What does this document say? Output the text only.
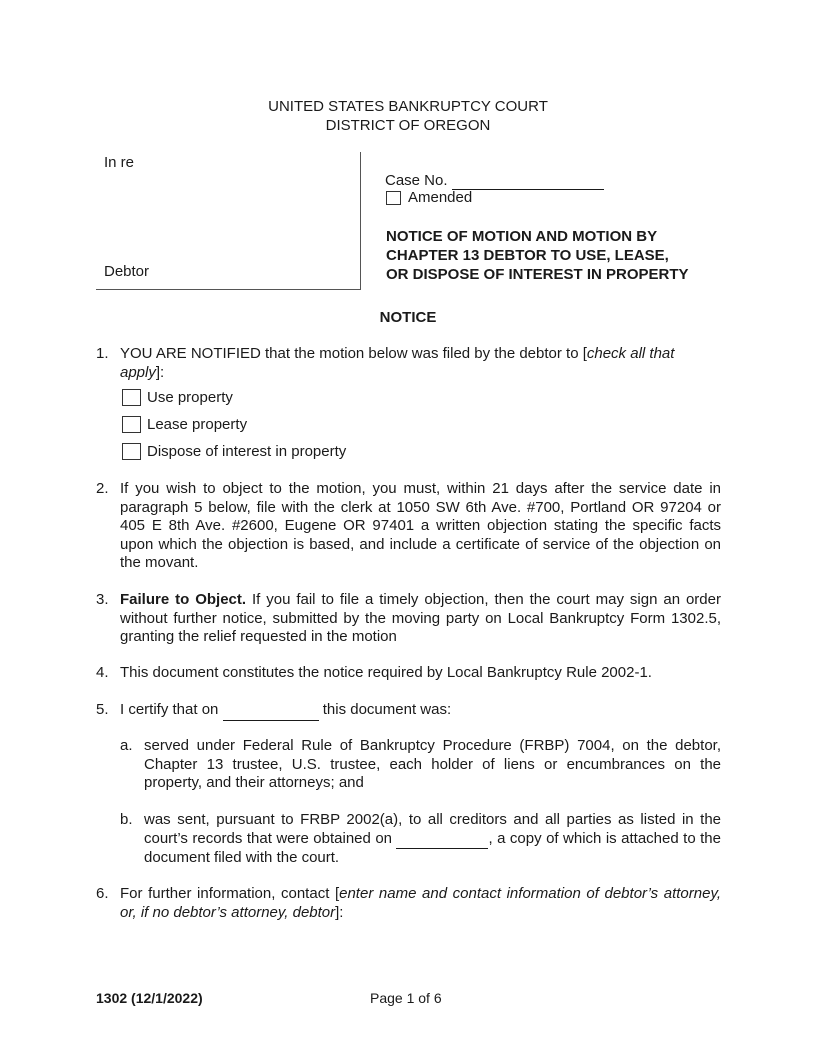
UNITED STATES BANKRUPTCY COURT
DISTRICT OF OREGON
In re
Debtor
Case No.
Amended
NOTICE OF MOTION AND MOTION BY
CHAPTER 13 DEBTOR TO USE, LEASE,
OR DISPOSE OF INTEREST IN PROPERTY
NOTICE
1. YOU ARE NOTIFIED that the motion below was filed by the debtor to [check all that apply]:
Use property
Lease property
Dispose of interest in property
2. If you wish to object to the motion, you must, within 21 days after the service date in paragraph 5 below, file with the clerk at 1050 SW 6th Ave. #700, Portland OR 97204 or 405 E 8th Ave. #2600, Eugene OR 97401 a written objection stating the specific facts upon which the objection is based, and include a certificate of service of the objection on the movant.
3. Failure to Object. If you fail to file a timely objection, then the court may sign an order without further notice, submitted by the moving party on Local Bankruptcy Form 1302.5, granting the relief requested in the motion
4. This document constitutes the notice required by Local Bankruptcy Rule 2002-1.
5. I certify that on	this document was:
a. served under Federal Rule of Bankruptcy Procedure (FRBP) 7004, on the debtor, Chapter 13 trustee, U.S. trustee, each holder of liens or encumbrances on the property, and their attorneys; and
b. was sent, pursuant to FRBP 2002(a), to all creditors and all parties as listed in the court’s records that were obtained on	, a copy of which is attached to the document filed with the court.
6. For further information, contact [enter name and contact information of debtor’s attorney, or, if no debtor’s attorney, debtor]:
1302 (12/1/2022)	Page 1 of 6
